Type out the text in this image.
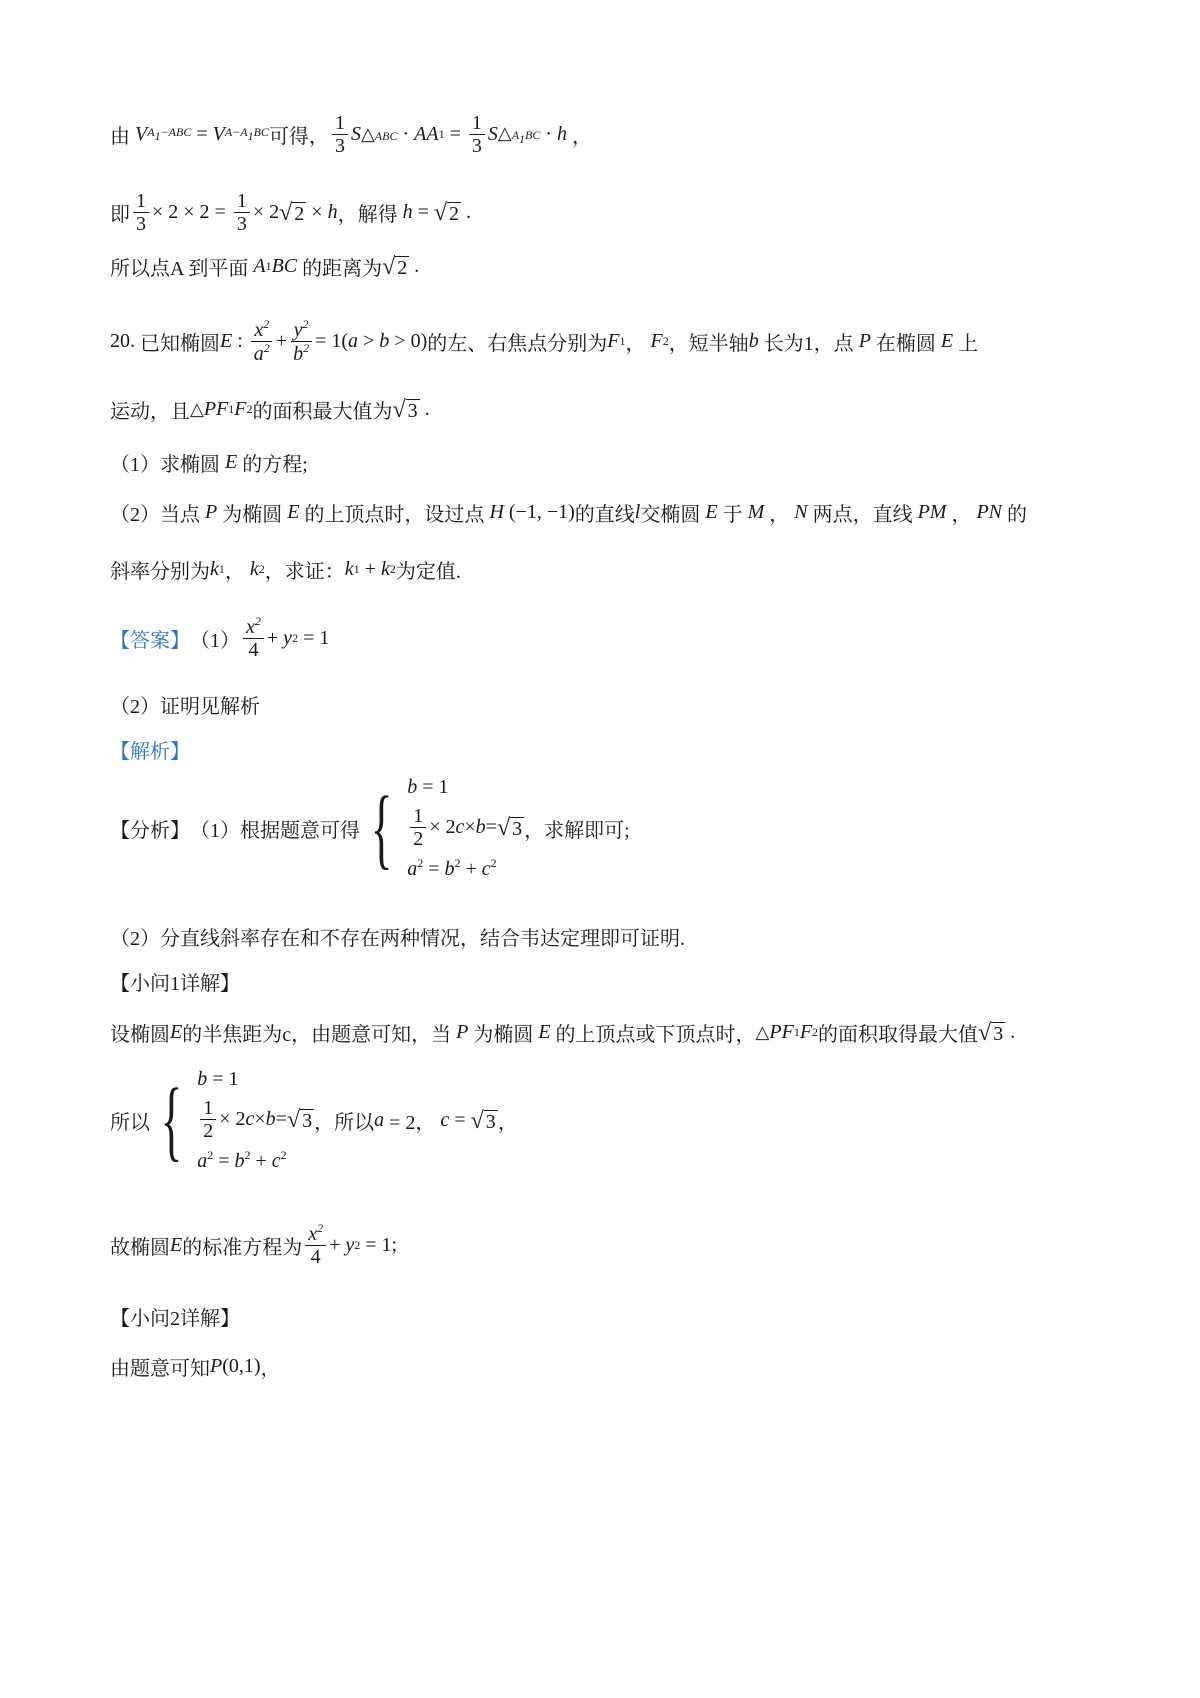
由 V $A_1-ABC = V$ $A-A_1BC$ 可得， $\frac{1}{3}$ S △ABC · AA $1 = \frac{1}{3}$ S $\triangle A_1BC \cdot h$ ，
即 $\frac{1}{3} \times 2 \times 2 = \frac{1}{3} \times 2$ √ 2 × h ，解得 h = √ 2 .
所以点A 到平面 A 1 BC 的距离为 √ 2 .
20.
已知椭圆 E : $\frac{x^2}{a^2} + \frac{y^2}{b^2} = 1$( a > b > 0) 的左、右焦点分别为 F 1 ， F 2 ，短半轴 b 长为1，点 P 在椭圆 E 上
运动，且 △ PF 1 F 2 的面积最大值为 √ 3 .
（1）求椭圆 E 的方程;
（2）当点 P 为椭圆 E 的上顶点时，设过点 H (−1, −1) 的直线 l 交椭圆 E 于 M ， N 两点，直线 PM ， PN 的
斜率分别为 k 1 ， k 2 ，求证： k 1 + k 2 为定值.
【答案】 $(1) \frac{x^2}{4} + y$ 2 = 1
（2）证明见解析
【解析】
【分析】 （1）根据题意可得 { b = 1
$\frac{1}{2} \times 2$ c × b = √ 3
$a^2 = b^2 + c^2$
，求解即可;
（2）分直线斜率存在和不存在两种情况，结合韦达定理即可证明.
【小问1详解】
设椭圆 E 的半焦距为c，由题意可知，当 P 为椭圆 E 的上顶点或下顶点时， △ PF 1 F 2 的面积取得最大值 √ 3 .
所以 { b = 1
$\frac{1}{2} \times 2$ c × b = √ 3
$a^2 = b^2 + c^2$
，所以 a = 2， c = √ 3 ，
故椭圆 E 的标准方程为 $\frac{x^2}{4} + y$ 2 = 1;
【小问2详解】
由题意可知 P (0,1) ，
